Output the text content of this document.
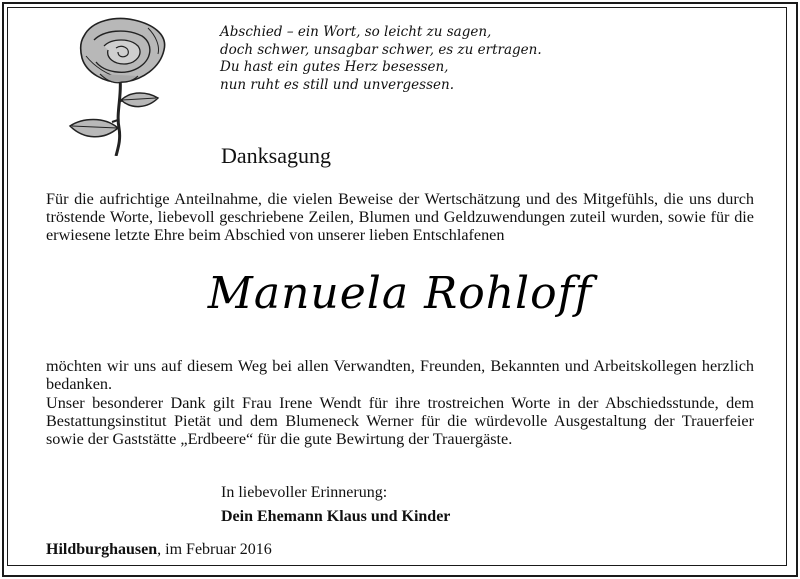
Abschied – ein Wort, so leicht zu sagen,
doch schwer, unsagbar schwer, es zu ertragen.
Du hast ein gutes Herz besessen,
nun ruht es still und unvergessen.
Danksagung
Für die aufrichtige Anteilnahme, die vielen Beweise der Wertschätzung und des Mitgefühls, die uns durch tröstende Worte, liebevoll geschriebene Zeilen, Blumen und Geldzuwendungen zuteil wurden, sowie für die erwiesene letzte Ehre beim Abschied von unserer lieben Entschlafenen
Manuela Rohloff
möchten wir uns auf diesem Weg bei allen Verwandten, Freunden, Bekannten und Arbeitskollegen herzlich bedanken.
Unser besonderer Dank gilt Frau Irene Wendt für ihre trostreichen Worte in der Abschiedsstunde, dem Bestattungsinstitut Pietät und dem Blumeneck Werner für die würdevolle Ausgestaltung der Trauerfeier sowie der Gaststätte „Erdbeere“ für die gute Bewirtung der Trauergäste.
In liebevoller Erinnerung:
Dein Ehemann Klaus und Kinder
Hildburghausen, im Februar 2016
